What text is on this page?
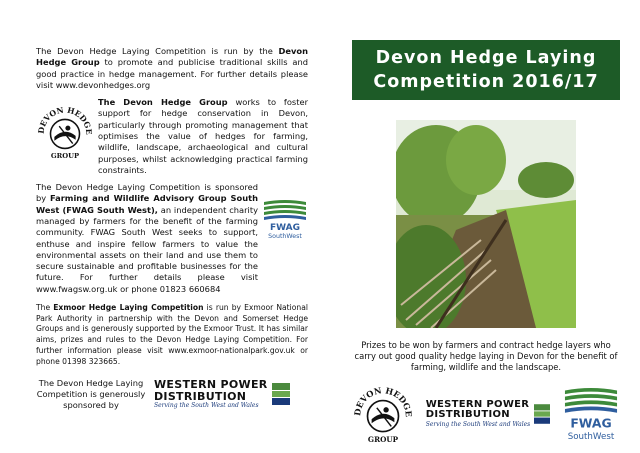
The Devon Hedge Laying Competition is run by the Devon Hedge Group to promote and publicise traditional skills and good practice in hedge management. For further details please visit www.devonhedges.org

DEVON HEDGE
GROUP
The Devon Hedge Group works to foster support for hedge conservation in Devon, particularly through promoting management that optimises the value of hedges for farming, wildlife, landscape, archaeological and cultural purposes, whilst acknowledging practical farming constraints.
The Devon Hedge Laying Competition is sponsored by Farming and Wildlife Advisory Group South West (FWAG South West), an independent charity managed by farmers for the benefit of the farming community. FWAG South West seeks to support, enthuse and inspire fellow farmers to value the environmental assets on their land and use them to secure sustainable and profitable businesses for the future. For further details please visit www.fwagsw.org.uk or phone 01823 660684
FWAG
SouthWest

The Exmoor Hedge Laying Competition is run by Exmoor National Park Authority in partnership with the Devon and Somerset Hedge Groups and is generously supported by the Exmoor Trust. It has similar aims, prizes and rules to the Devon Hedge Laying Competition. For further information please visit www.exmoor-nationalpark.gov.uk or phone 01398 323665.

The Devon Hedge Laying Competition is generously sponsored by
WESTERN POWER
DISTRIBUTION
Serving the South West and Wales
Devon Hedge Laying
Competition 2016/17
Prizes to be won by farmers and contract hedge layers who carry out good quality hedge laying in Devon for the benefit of farming, wildlife and the landscape.
DEVON HEDGE
GROUP
WESTERN POWER
DISTRIBUTION
Serving the South West and Wales	FWAG
SouthWest
